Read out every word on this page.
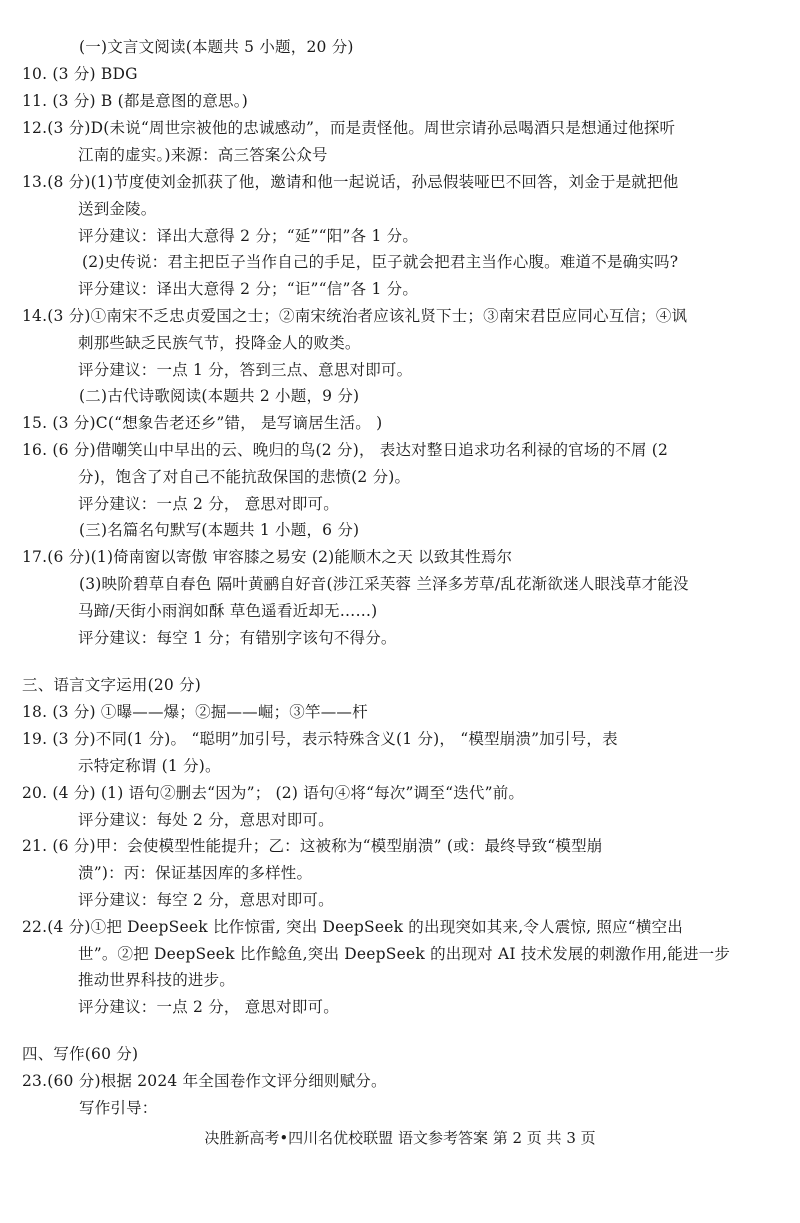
(一)文言文阅读(本题共 5 小题，20 分)
10. (3 分) BDG
11. (3 分) B (都是意图的意思。)
12.(3 分)D(未说“周世宗被他的忠诚感动”，而是责怪他。周世宗请孙忌喝酒只是想通过他探听
江南的虚实。)来源：高三答案公众号
13.(8 分)(1)节度使刘金抓获了他，邀请和他一起说话，孙忌假装哑巴不回答，刘金于是就把他
送到金陵。
评分建议：译出大意得 2 分；“延”“阳”各 1 分。
(2)史传说：君主把臣子当作自己的手足，臣子就会把君主当作心腹。难道不是确实吗?
评分建议：译出大意得 2 分；“讵”“信”各 1 分。
14.(3 分)①南宋不乏忠贞爱国之士；②南宋统治者应该礼贤下士；③南宋君臣应同心互信；④讽
刺那些缺乏民族气节，投降金人的败类。
评分建议：一点 1 分，答到三点、意思对即可。
(二)古代诗歌阅读(本题共 2 小题，9 分)
15. (3 分)C(“想象告老还乡”错， 是写谪居生活。 )
16. (6 分)借嘲笑山中早出的云、晚归的鸟(2 分)， 表达对整日追求功名利禄的官场的不屑 (2
分)，饱含了对自己不能抗敌保国的悲愤(2 分)。
评分建议：一点 2 分， 意思对即可。
(三)名篇名句默写(本题共 1 小题，6 分)
17.(6 分)(1)倚南窗以寄傲 审容膝之易安 (2)能顺木之天 以致其性焉尔
(3)映阶碧草自春色 隔叶黄鹂自好音(涉江采芙蓉 兰泽多芳草/乱花渐欲迷人眼浅草才能没
马蹄/天街小雨润如酥 草色遥看近却无……)
评分建议：每空 1 分；有错别字该句不得分。
三、语言文字运用(20 分)
18. (3 分) ①曝——爆；②掘——崛；③竿——杆
19. (3 分)不同(1 分)。 “聪明”加引号，表示特殊含义(1 分)， “模型崩溃”加引号，表
示特定称谓 (1 分)。
20. (4 分) (1) 语句②删去“因为”； (2) 语句④将“每次”调至“迭代”前。
评分建议：每处 2 分，意思对即可。
21. (6 分)甲：会使模型性能提升；乙：这被称为“模型崩溃” (或：最终导致“模型崩
溃”)：丙：保证基因库的多样性。
评分建议：每空 2 分，意思对即可。
22.(4 分)①把 DeepSeek 比作惊雷, 突出 DeepSeek 的出现突如其来,令人震惊, 照应“横空出
世”。②把 DeepSeek 比作鲶鱼,突出 DeepSeek 的出现对 AI 技术发展的刺激作用,能进一步
推动世界科技的进步。
评分建议：一点 2 分， 意思对即可。
四、写作(60 分)
23.(60 分)根据 2024 年全国卷作文评分细则赋分。
写作引导：
决胜新高考•四川名优校联盟 语文参考答案 第 2 页 共 3 页
